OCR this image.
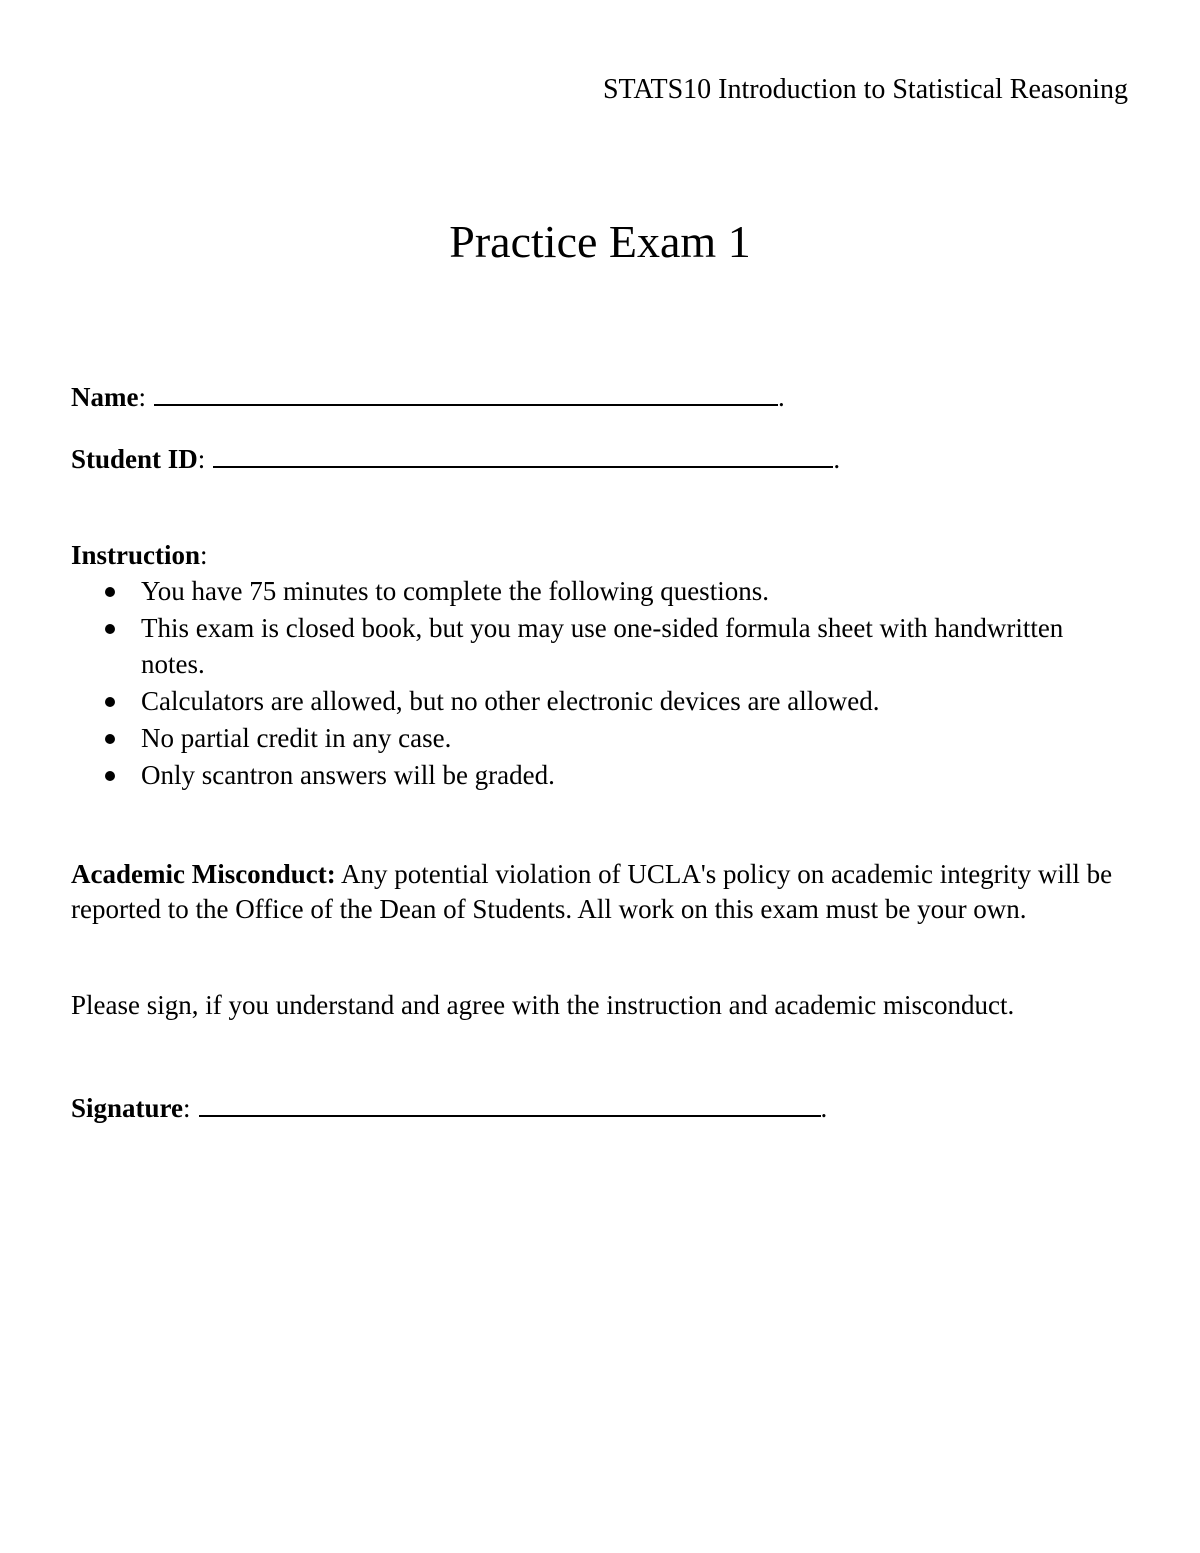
STATS10 Introduction to Statistical Reasoning
Practice Exam 1
Name :	.
Student ID :	.
Instruction:
You have 75 minutes to complete the following questions.
This exam is closed book, but you may use one-sided formula sheet with handwritten notes.
Calculators are allowed, but no other electronic devices are allowed.
No partial credit in any case.
Only scantron answers will be graded.

Academic Misconduct: Any potential violation of UCLA's policy on academic integrity will be reported to the Office of the Dean of Students. All work on this exam must be your own.

Please sign, if you understand and agree with the instruction and academic misconduct.

Signature :	.
